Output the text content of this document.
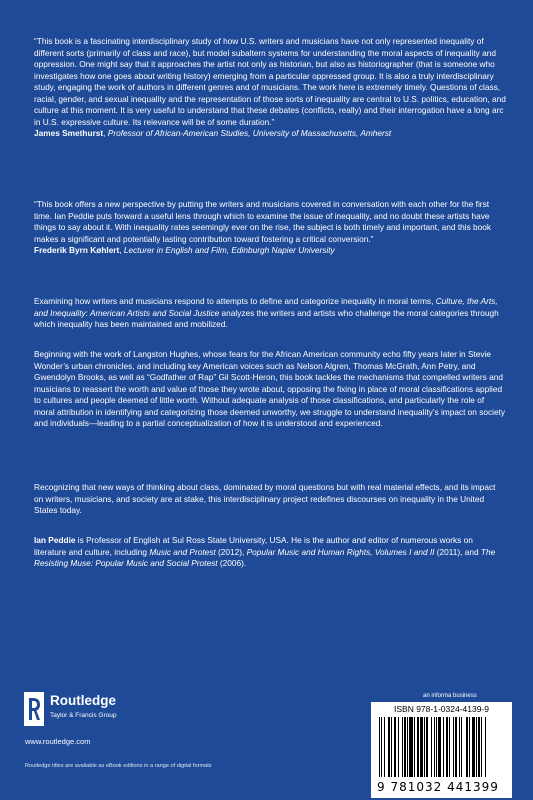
“This book is a fascinating interdisciplinary study of how U.S. writers and musicians have not only represented inequality of different sorts (primarily of class and race), but model subaltern systems for understanding the moral aspects of inequality and oppression. One might say that it approaches the artist not only as historian, but also as historiographer (that is someone who investigates how one goes about writing history) emerging from a particular oppressed group. It is also a truly interdisciplinary study, engaging the work of authors in different genres and of musicians. The work here is extremely timely. Questions of class, racial, gender, and sexual inequality and the representation of those sorts of inequality are central to U.S. politics, education, and culture at this moment. It is very useful to understand that these debates (conflicts, really) and their interrogation have a long arc in U.S. expressive culture. Its relevance will be of some duration.”

James Smethurst, Professor of African-American Studies, University of Massachusetts, Amherst

“This book offers a new perspective by putting the writers and musicians covered in conversation with each other for the first time. Ian Peddie puts forward a useful lens through which to examine the issue of inequality, and no doubt these artists have things to say about it. With inequality rates seemingly ever on the rise, the subject is both timely and important, and this book makes a significant and potentially lasting contribution toward fostering a critical conversion.”

Frederik Byrn Køhlert, Lecturer in English and Film, Edinburgh Napier University

Examining how writers and musicians respond to attempts to define and categorize inequality in moral terms, Culture, the Arts, and Inequality: American Artists and Social Justice analyzes the writers and artists who challenge the moral categories through which inequality has been maintained and mobilized.

Beginning with the work of Langston Hughes, whose fears for the African American community echo fifty years later in Stevie Wonder’s urban chronicles, and including key American voices such as Nelson Algren, Thomas McGrath, Ann Petry, and Gwendolyn Brooks, as well as “Godfather of Rap” Gil Scott-Heron, this book tackles the mechanisms that compelled writers and musicians to reassert the worth and value of those they wrote about, opposing the fixing in place of moral classifications applied to cultures and people deemed of little worth. Without adequate analysis of those classifications, and particularly the role of moral attribution in identifying and categorizing those deemed unworthy, we struggle to understand inequality’s impact on society and individuals—leading to a partial conceptualization of how it is understood and experienced.

Recognizing that new ways of thinking about class, dominated by moral questions but with real material effects, and its impact on writers, musicians, and society are at stake, this interdisciplinary project redefines discourses on inequality in the United States today.

Ian Peddie is Professor of English at Sul Ross State University, USA. He is the author and editor of numerous works on literature and culture, including Music and Protest (2012), Popular Music and Human Rights, Volumes I and II (2011), and The Resisting Muse: Popular Music and Social Protest (2006).

Routledge
Taylor & Francis Group
www.routledge.com
Routledge titles are available as eBook editions in a range of digital formats
an informa business
ISBN 978-1-0324-4139-9
9 781032 441399
